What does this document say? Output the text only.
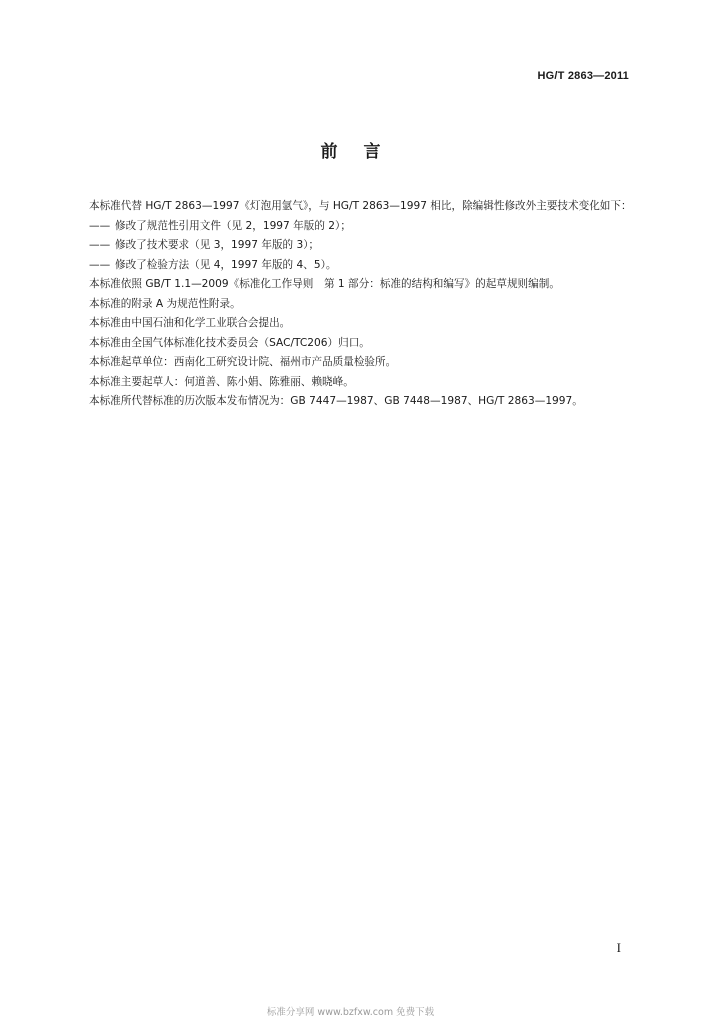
HG/T 2863—2011
前言

本标准代替 HG/T 2863—1997《灯泡用氩气》，与 HG/T 2863—1997 相比，除编辑性修改外主要技术变化如下：

—— 修改了规范性引用文件（见 2，1997 年版的 2）；

—— 修改了技术要求（见 3，1997 年版的 3）；

—— 修改了检验方法（见 4，1997 年版的 4、5）。

本标准依照 GB/T 1.1—2009《标准化工作导则　第 1 部分：标准的结构和编写》的起草规则编制。

本标准的附录 A 为规范性附录。

本标准由中国石油和化学工业联合会提出。

本标准由全国气体标准化技术委员会（SAC/TC206）归口。

本标准起草单位：西南化工研究设计院、福州市产品质量检验所。

本标准主要起草人：何道善、陈小娟、陈雅丽、赖晓峰。

本标准所代替标准的历次版本发布情况为：GB 7447—1987、GB 7448—1987、HG/T 2863—1997。

I
标准分享网 www.bzfxw.com 免费下载
